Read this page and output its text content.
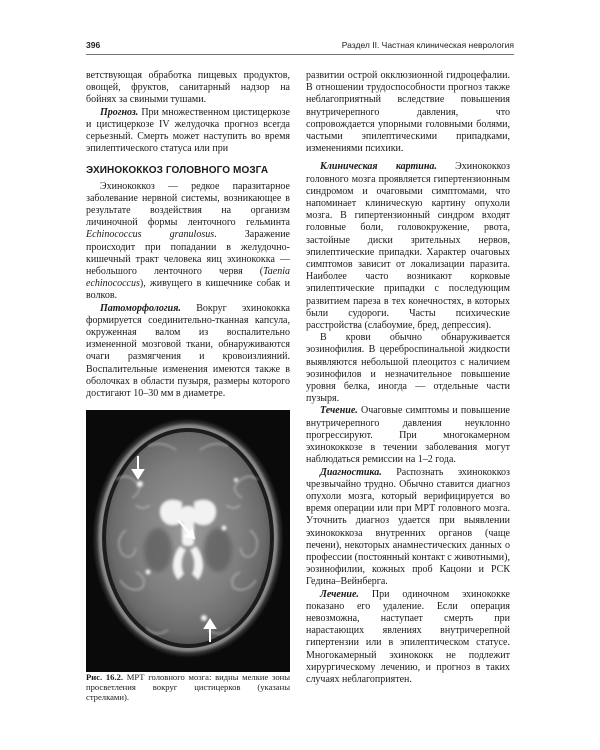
396	Раздел II. Частная клиническая неврология

ветствующая обработка пищевых продуктов, овощей, фруктов, санитарный надзор на бойнях за свиными тушами.

Прогноз. При множественном цистицеркозе и цистицеркозе IV желудочка прогноз всегда серьезный. Смерть может наступить во время эпилептического статуса или при

ЭХИНОКОККОЗ ГОЛОВНОГО МОЗГА

Эхинококкоз — редкое паразитарное заболевание нервной системы, возникающее в результате воздействия на организм личиночной формы ленточного гельминта Echinococcus granulosus. Заражение происходит при попадании в желудочно-кишечный тракт человека яиц эхинококка — небольшого ленточного червя (Taenia echinococcus), живущего в кишечнике собак и волков.

Патоморфология. Вокруг эхинококка формируется соединительно-тканная капсула, окруженная валом из воспалительно измененной мозговой ткани, обнаруживаются очаги размягчения и кровоизлияний. Воспалительные изменения имеются также в оболочках в области пузыря, размеры которого достигают 10–30 мм в диаметре.

Рис. 16.2. МРТ головного мозга: видны мелкие зоны просветления вокруг цистицерков (указаны стрелками).

развитии острой окклюзионной гидроцефалии. В отношении трудоспособности прогноз также неблагоприятный вследствие повышения внутричерепного давления, что сопровождается упорными головными болями, частыми эпилептическими припадками, изменениями психики.

Клиническая картина. Эхинококкоз головного мозга проявляется гипертензионным синдромом и очаговыми симптомами, что напоминает клиническую картину опухоли мозга. В гипертензионный синдром входят головные боли, головокружение, рвота, застойные диски зрительных нервов, эпилептические припадки. Характер очаговых симптомов зависит от локализации паразита. Наиболее часто возникают корковые эпилептические припадки с последующим развитием пареза в тех конечностях, в которых были судороги. Часты психические расстройства (слабоумие, бред, депрессия).

В крови обычно обнаруживается эозинофилия. В цереброспинальной жидкости выявляются небольшой плеоцитоз с наличием эозинофилов и незначительное повышение уровня белка, иногда — отдельные части пузыря.

Течение. Очаговые симптомы и повышение внутричерепного давления неуклонно прогрессируют. При многокамерном эхинококкозе в течении заболевания могут наблюдаться ремиссии на 1–2 года.

Диагностика. Распознать эхинококкоз чрезвычайно трудно. Обычно ставится диагноз опухоли мозга, который верифицируется во время операции или при МРТ головного мозга. Уточнить диагноз удается при выявлении эхинококкоза внутренних органов (чаще печени), некоторых анамнестических данных о профессии (постоянный контакт с животными), эозинофилии, кожных проб Кацони и РСК Гедина–Вейнберга.

Лечение. При одиночном эхинококке показано его удаление. Если операция невозможна, наступает смерть при нарастающих явлениях внутричерепной гипертензии или в эпилептическом статусе. Многокамерный эхинококк не подлежит хирургическому лечению, и прогноз в таких случаях неблагоприятен.
